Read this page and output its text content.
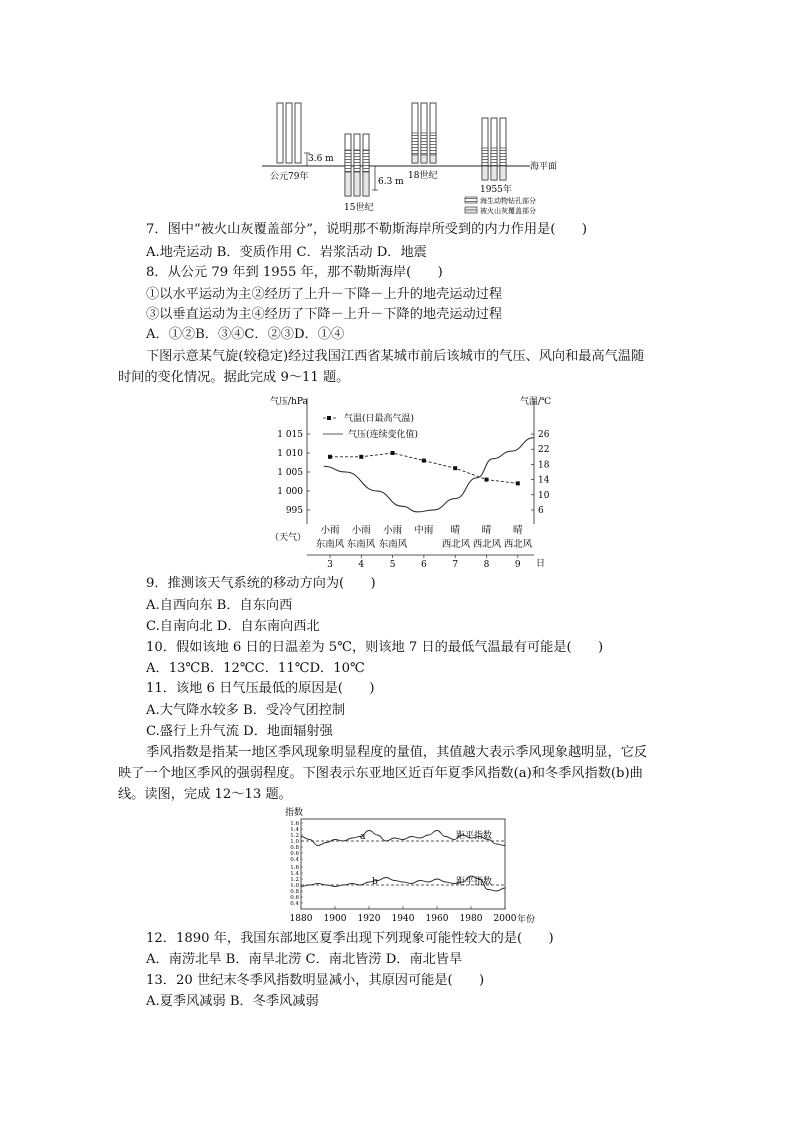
海平面
3.6 m
公元79年	6.3 m
15世纪
18世纪
1955年
海生动物钻孔部分
被火山灰覆盖部分
7．图中“被火山灰覆盖部分”，说明那不勒斯海岸所受到的内力作用是(　　)
A.地壳运动 B．变质作用 C．岩浆活动 D．地震
8．从公元 79 年到 1955 年，那不勒斯海岸(　　)
①以水平运动为主②经历了上升－下降－上升的地壳运动过程
③以垂直运动为主④经历了下降－上升－下降的地壳运动过程
A．①②B．③④C．②③D．①④
下图示意某气旋(较稳定)经过我国江西省某城市前后该城市的气压、风向和最高气温随
时间的变化情况。据此完成 9～11 题。
气压/hPa	气温/℃
气温(日最高气温)
气压(连续变化值)
1 015
1 010
1 005
1 000
995
26
22
18
14
10
6
（天气）
小雨 小雨 小雨 中雨 晴 晴 晴
东南风 东南风 东南风	西北风 西北风 西北风
3	4	5	6	7	8	9 日
9．推测该天气系统的移动方向为(　　)
A.自西向东 B．自东向西
C.自南向北 D．自东南向西北
10．假如该地 6 日的日温差为 5℃，则该地 7 日的最低气温最有可能是(　　)
A．13℃B．12℃C．11℃D．10℃
11．该地 6 日气压最低的原因是(　　)
A.大气降水较多 B．受冷气团控制
C.盛行上升气流 D．地面辐射强
季风指数是指某一地区季风现象明显程度的量值，其值越大表示季风现象越明显，它反
映了一个地区季风的强弱程度。下图表示东亚地区近百年夏季风指数(a)和冬季风指数(b)曲
线。读图，完成 12～13 题。
指数
1.6
1.4
1.2
1.0
0.8
0.6
0.4
1.6
1.4
1.2
1.0
0.8
0.6
0.4
a
b
距平指数
距平指数
1880 1900 1920 1940 1960 1980 2000 年份
12．1890 年，我国东部地区夏季出现下列现象可能性较大的是(　　)
A．南涝北旱 B．南旱北涝 C．南北皆涝 D．南北皆旱
13．20 世纪末冬季风指数明显减小，其原因可能是(　　)
A.夏季风减弱 B．冬季风减弱
